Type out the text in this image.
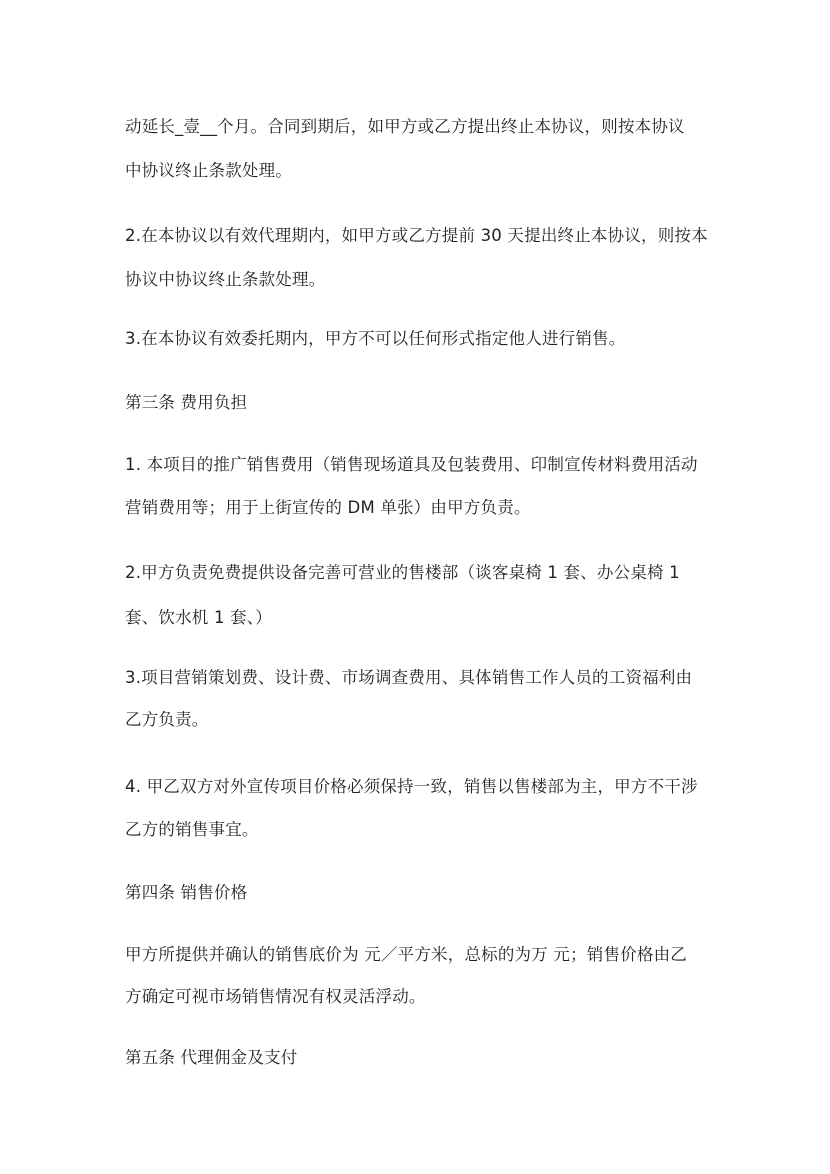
动延长_壹__个月。合同到期后，如甲方或乙方提出终止本协议，则按本协议
中协议终止条款处理。
2.在本协议以有效代理期内，如甲方或乙方提前 30 天提出终止本协议，则按本
协议中协议终止条款处理。
3.在本协议有效委托期内，甲方不可以任何形式指定他人进行销售。
第三条 费用负担
1. 本项目的推广销售费用（销售现场道具及包装费用、印制宣传材料费用活动
营销费用等；用于上街宣传的 DM 单张）由甲方负责。
2.甲方负责免费提供设备完善可营业的售楼部（谈客桌椅 1 套、办公桌椅 1
套、饮水机 1 套、）
3.项目营销策划费、设计费、市场调查费用、具体销售工作人员的工资福利由
乙方负责。
4. 甲乙双方对外宣传项目价格必须保持一致，销售以售楼部为主，甲方不干涉
乙方的销售事宜。
第四条 销售价格
甲方所提供并确认的销售底价为 元／平方米，总标的为万 元；销售价格由乙
方确定可视市场销售情况有权灵活浮动。
第五条 代理佣金及支付
